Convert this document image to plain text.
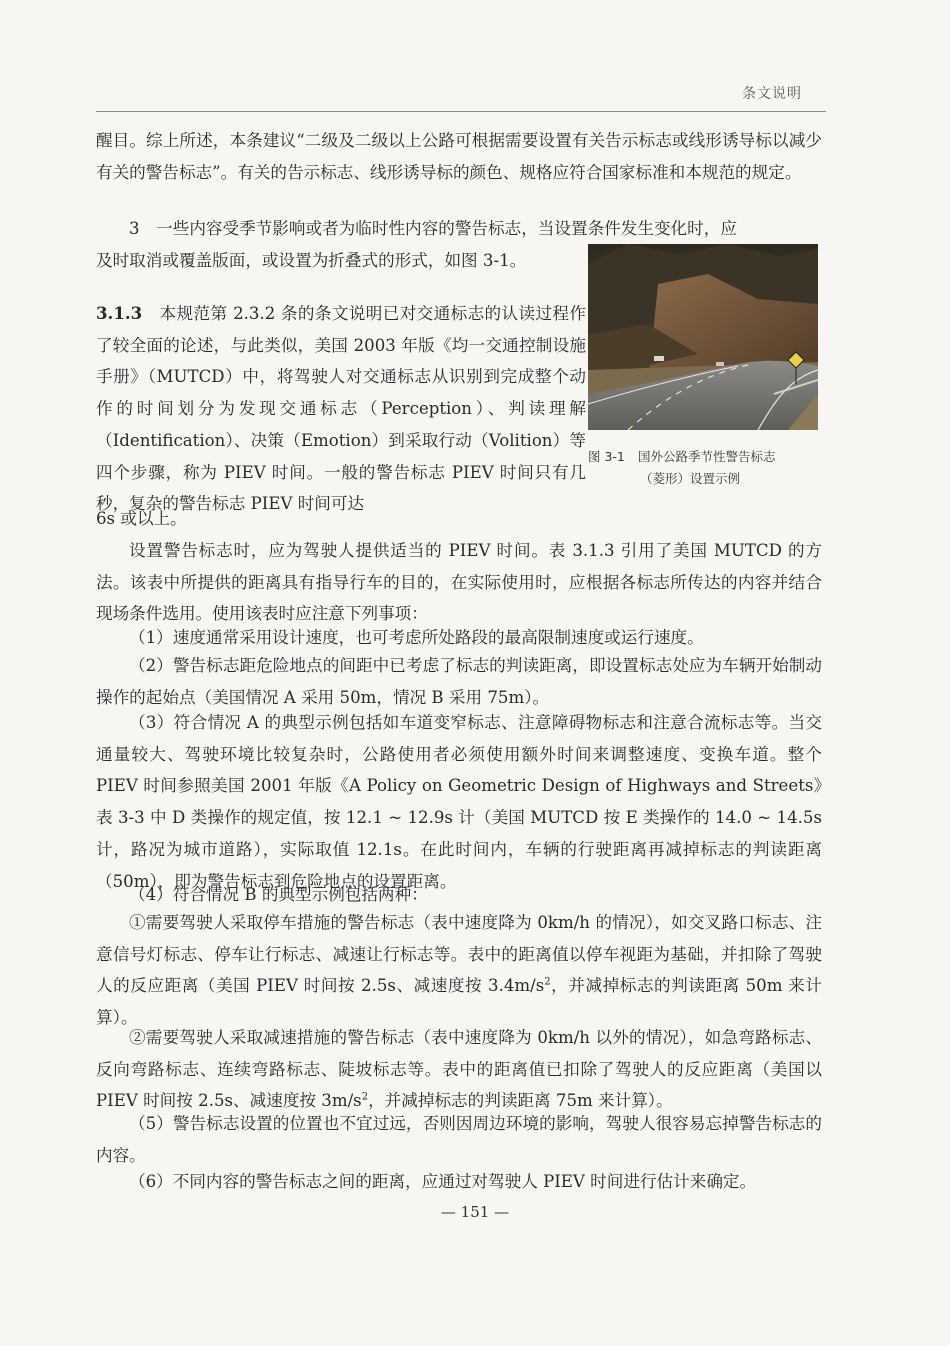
条文说明
醒目。综上所述，本条建议“二级及二级以上公路可根据需要设置有关告示标志或线形诱导标以减少有关的警告标志”。有关的告示标志、线形诱导标的颜色、规格应符合国家标准和本规范的规定。
3　一些内容受季节影响或者为临时性内容的警告标志，当设置条件发生变化时，应
及时取消或覆盖版面，或设置为折叠式的形式，如图 3-1。
3.1.3　 本规范第 2.3.2 条的条文说明已对交通标志的认读过程作了较全面的论述，与此类似，美国 2003 年版《均一交通控制设施手册》（MUTCD）中，将驾驶人对交通标志从识别到完成整个动作的时间划分为发现交通标志（Perception）、判读理解（Identification）、决策（Emotion）到采取行动（Volition）等四个步骤，称为 PIEV 时间。一般的警告标志 PIEV 时间只有几秒，复杂的警告标志 PIEV 时间可达
6s 或以上。
图 3-1 国外公路季节性警告标志
（菱形）设置示例
设置警告标志时，应为驾驶人提供适当的 PIEV 时间。表 3.1.3 引用了美国 MUTCD 的方法。该表中所提供的距离具有指导行车的目的，在实际使用时，应根据各标志所传达的内容并结合现场条件选用。使用该表时应注意下列事项：
（1）速度通常采用设计速度，也可考虑所处路段的最高限制速度或运行速度。
（2）警告标志距危险地点的间距中已考虑了标志的判读距离，即设置标志处应为车辆开始制动操作的起始点（美国情况 A 采用 50m，情况 B 采用 75m）。
（3）符合情况 A 的典型示例包括如车道变窄标志、注意障碍物标志和注意合流标志等。当交通量较大、驾驶环境比较复杂时，公路使用者必须使用额外时间来调整速度、变换车道。整个 PIEV 时间参照美国 2001 年版《A Policy on Geometric Design of Highways and Streets》表 3-3 中 D 类操作的规定值，按 12.1 ~ 12.9s 计（美国 MUTCD 按 E 类操作的 14.0 ~ 14.5s 计，路况为城市道路），实际取值 12.1s。在此时间内，车辆的行驶距离再减掉标志的判读距离（50m），即为警告标志到危险地点的设置距离。
（4）符合情况 B 的典型示例包括两种：
①需要驾驶人采取停车措施的警告标志（表中速度降为 0km/h 的情况），如交叉路口标志、注意信号灯标志、停车让行标志、减速让行标志等。表中的距离值以停车视距为基础，并扣除了驾驶人的反应距离（美国 PIEV 时间按 2.5s、减速度按 $3.4m/s^2$，并减掉标志的判读距离 50m 来计算）。
②需要驾驶人采取减速措施的警告标志（表中速度降为 0km/h 以外的情况），如急弯路标志、反向弯路标志、连续弯路标志、陡坡标志等。表中的距离值已扣除了驾驶人的反应距离（美国以 PIEV 时间按 2.5s、减速度按 $3m/s^2$，并减掉标志的判读距离 75m 来计算）。
（5）警告标志设置的位置也不宜过远，否则因周边环境的影响，驾驶人很容易忘掉警告标志的内容。
（6）不同内容的警告标志之间的距离，应通过对驾驶人 PIEV 时间进行估计来确定。
— 151 —
